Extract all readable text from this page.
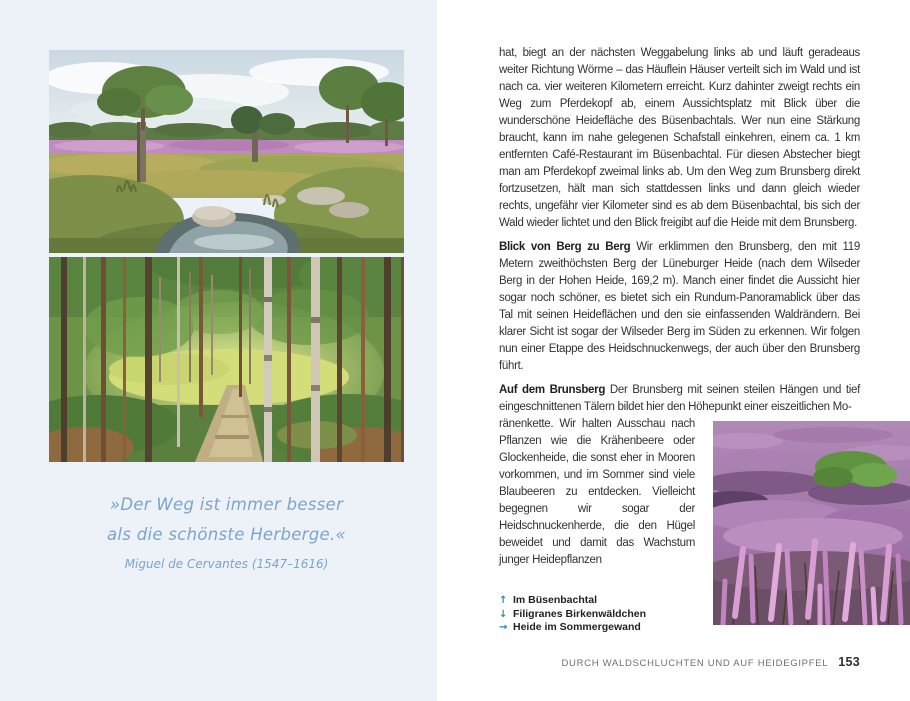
»Der Weg ist immer besser
als die schönste Herberge.«
Miguel de Cervantes (1547–1616)

hat, biegt an der nächsten Weggabelung links ab und läuft geradeaus weiter Richtung Wörme – das Häuflein Häuser verteilt sich im Wald und ist nach ca. vier weiteren Kilometern erreicht. Kurz dahinter zweigt rechts ein Weg zum Pferdekopf ab, einem Aussichtsplatz mit Blick über die wunderschöne Heidefläche des Büsenbachtals. Wer nun eine Stärkung braucht, kann im nahe gelegenen Schafstall einkehren, einem ca. 1 km entfernten Café-Restaurant im Büsenbachtal. Für diesen Abstecher biegt man am Pferdekopf zweimal links ab. Um den Weg zum Brunsberg direkt fortzusetzen, hält man sich stattdessen links und dann gleich wieder rechts, ungefähr vier Kilometer sind es ab dem Büsenbachtal, bis sich der Wald wieder lichtet und den Blick freigibt auf die Heide mit dem Brunsberg.

Blick von Berg zu Berg Wir erklimmen den Brunsberg, den mit 119 Metern zweithöchsten Berg der Lüneburger Heide (nach dem Wilseder Berg in der Hohen Heide, 169,2 m). Manch einer findet die Aussicht hier sogar noch schöner, es bietet sich ein Rundum-Panoramablick über das Tal mit seinen Heideflächen und den sie einfassenden Waldrändern. Bei klarer Sicht ist sogar der Wilseder Berg im Süden zu erkennen. Wir folgen nun einer Etappe des Heidschnuckenwegs, der auch über den Brunsberg führt.

Auf dem Brunsberg Der Brunsberg mit seinen steilen Hängen und tief eingeschnittenen Tälern bildet hier den Höhepunkt einer eiszeitlichen Mo-

ränenkette. Wir halten Ausschau nach Pflanzen wie die Krähenbeere oder Glockenheide, die sonst eher in Mooren vorkommen, und im Sommer sind viele Blaubeeren zu entdecken. Vielleicht begegnen wir sogar der Heidschnuckenherde, die den Hügel beweidet und damit das Wachstum junger Heidepflanzen

↑ Im Büsenbachtal
↓ Filigranes Birkenwäldchen
→ Heide im Sommergewand
DURCH WALDSCHLUCHTEN UND AUF HEIDEGIPFEL 153
